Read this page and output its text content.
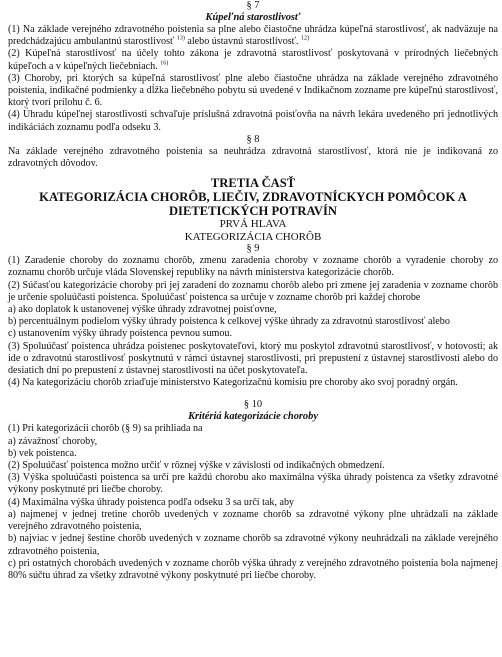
§ 7
Kúpeľná starostlivosť

(1) Na základe verejného zdravotného poistenia sa plne alebo čiastočne uhrádza kúpeľná starostlivosť, ak nadväzuje na predchádzajúcu ambulantnú starostlivosť $^{13)}$ alebo ústavnú starostlivosť. $^{12)}$

(2) Kúpeľná starostlivosť na účely tohto zákona je zdravotná starostlivosť poskytovaná v prírodných liečebných kúpeľoch a v kúpeľných liečebniach. $^{16)}$

(3) Choroby, pri ktorých sa kúpeľná starostlivosť plne alebo čiastočne uhrádza na základe verejného zdravotného poistenia, indikačné podmienky a dĺžka liečebného pobytu sú uvedené v Indikačnom zozname pre kúpeľnú starostlivosť, ktorý tvorí prílohu č. 6.

(4) Úhradu kúpeľnej starostlivosti schvaľuje príslušná zdravotná poisťovňa na návrh lekára uvedeného pri jednotlivých indikáciách zoznamu podľa odseku 3.

§ 8

Na základe verejného zdravotného poistenia sa neuhrádza zdravotná starostlivosť, ktorá nie je indikovaná zo zdravotných dôvodov.

TRETIA ČASŤ
KATEGORIZÁCIA CHORÔB, LIEČIV, ZDRAVOTNÍCKYCH POMÔCOK A
DIETETICKÝCH POTRAVÍN
PRVÁ HLAVA
KATEGORIZÁCIA CHORÔB
§ 9

(1) Zaradenie choroby do zoznamu chorôb, zmenu zaradenia choroby v zozname chorôb a vyradenie choroby zo zoznamu chorôb určuje vláda Slovenskej republiky na návrh ministerstva kategorizácie chorôb.

(2) Súčasťou kategorizácie choroby pri jej zaradení do zoznamu chorôb alebo pri zmene jej zaradenia v zozname chorôb je určenie spoluúčasti poistenca. Spoluúčasť poistenca sa určuje v zozname chorôb pri každej chorobe

a) ako doplatok k ustanovenej výške úhrady zdravotnej poisťovne,

b) percentuálnym podielom výšky úhrady poistenca k celkovej výške úhrady za zdravotnú starostlivosť alebo

c) ustanovením výšky úhrady poistenca pevnou sumou.

(3) Spoluúčasť poistenca uhrádza poistenec poskytovateľovi, ktorý mu poskytol zdravotnú starostlivosť, v hotovosti; ak ide o zdravotnú starostlivosť poskytnutú v rámci ústavnej starostlivosti, pri prepustení z ústavnej starostlivosti alebo do desiatich dní po prepustení z ústavnej starostlivosti na účet poskytovateľa.

(4) Na kategorizáciu chorôb zriaďuje ministerstvo Kategorizačnú komisiu pre choroby ako svoj poradný orgán.

§ 10
Kritériá kategorizácie choroby

(1) Pri kategorizácii chorôb (§ 9) sa prihliada na

a) závažnosť choroby,

b) vek poistenca.

(2) Spoluúčasť poistenca možno určiť v rôznej výške v závislosti od indikačných obmedzení.

(3) Výška spoluúčasti poistenca sa určí pre každú chorobu ako maximálna výška úhrady poistenca za všetky zdravotné výkony poskytnuté pri liečbe choroby.

(4) Maximálna výška úhrady poistenca podľa odseku 3 sa určí tak, aby

a) najmenej v jednej tretine chorôb uvedených v zozname chorôb sa zdravotné výkony plne uhrádzali na základe verejného zdravotného poistenia,

b) najviac v jednej šestine chorôb uvedených v zozname chorôb sa zdravotné výkony neuhrádzali na základe verejného zdravotného poistenia,

c) pri ostatných chorobách uvedených v zozname chorôb výška úhrady z verejného zdravotného poistenia bola najmenej 80% súčtu úhrad za všetky zdravotné výkony poskytnuté pri liečbe choroby.
